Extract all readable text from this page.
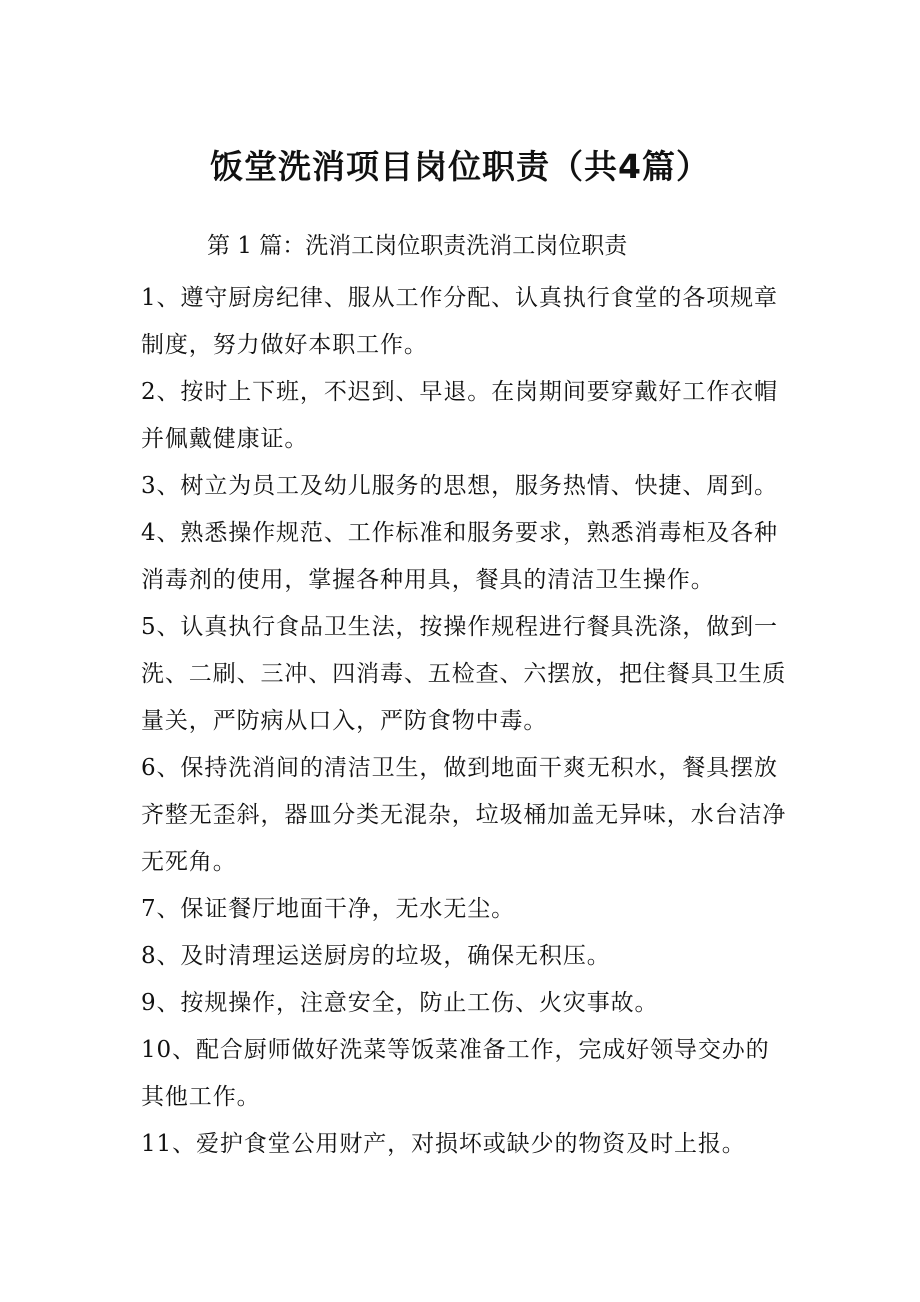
饭堂洗消项目岗位职责（共4篇）
第 1 篇：洗消工岗位职责洗消工岗位职责

1、遵守厨房纪律、服从工作分配、认真执行食堂的各项规章制度，努力做好本职工作。

2、按时上下班，不迟到、早退。在岗期间要穿戴好工作衣帽并佩戴健康证。

3、树立为员工及幼儿服务的思想，服务热情、快捷、周到。

4、熟悉操作规范、工作标准和服务要求，熟悉消毒柜及各种消毒剂的使用，掌握各种用具，餐具的清洁卫生操作。

5、认真执行食品卫生法，按操作规程进行餐具洗涤，做到一洗、二刷、三冲、四消毒、五检查、六摆放，把住餐具卫生质量关，严防病从口入，严防食物中毒。

6、保持洗消间的清洁卫生，做到地面干爽无积水，餐具摆放齐整无歪斜，器皿分类无混杂，垃圾桶加盖无异味，水台洁净无死角。

7、保证餐厅地面干净，无水无尘。

8、及时清理运送厨房的垃圾，确保无积压。

9、按规操作，注意安全，防止工伤、火灾事故。

10、配合厨师做好洗菜等饭菜准备工作，完成好领导交办的其他工作。

11、爱护食堂公用财产，对损坏或缺少的物资及时上报。
